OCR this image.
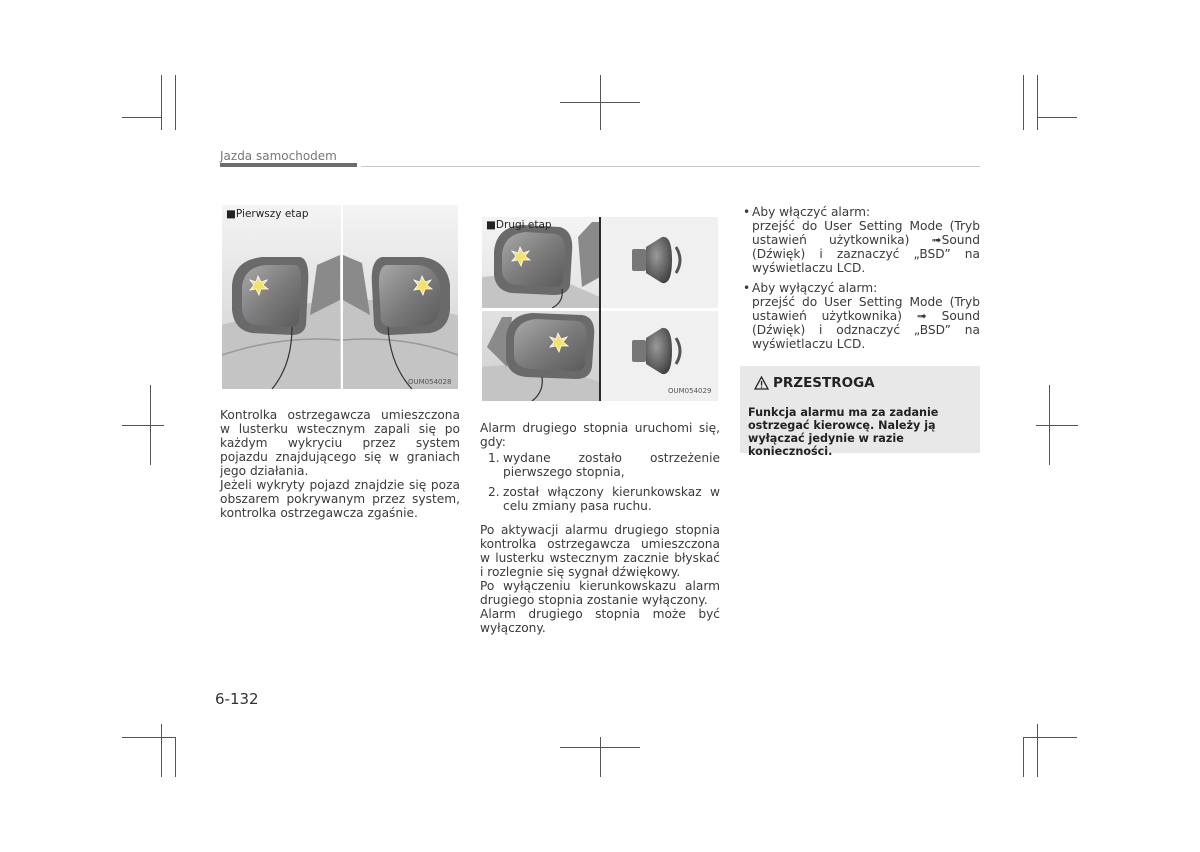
Jazda samochodem
■Pierwszy etap
OUM054028
■Drugi etap
OUM054029

Kontrolka ostrzegawcza umieszczona w lusterku wstecznym zapali się po każdym wykryciu przez system pojazdu znajdującego się w graniach jego działania.

Jeżeli wykryty pojazd znajdzie się poza obszarem pokrywanym przez system, kontrolka ostrzegawcza zgaśnie.

Alarm drugiego stopnia uruchomi się, gdy:

1. wydane zostało ostrzeżenie pierwszego stopnia,
2. został włączony kierunkowskaz w celu zmiany pasa ruchu.

Po aktywacji alarmu drugiego stopnia kontrolka ostrzegawcza umieszczona w lusterku wstecznym zacznie błyskać i rozlegnie się sygnał dźwiękowy.

Po wyłączeniu kierunkowskazu alarm drugiego stopnia zostanie wyłączony.

Alarm drugiego stopnia może być wyłączony.

• Aby włączyć alarm:
przejść do User Setting Mode (Tryb ustawień użytkownika) ➟Sound (Dźwięk) i zaznaczyć „BSD” na wyświetlaczu LCD.
• Aby wyłączyć alarm:
przejść do User Setting Mode (Tryb ustawień użytkownika) ➟ Sound (Dźwięk) i odznaczyć „BSD” na wyświetlaczu LCD.
PRZESTROGA
Funkcja alarmu ma za zadanie ostrzegać kierowcę. Należy ją wyłączać jedynie w razie konieczności.
6-132
